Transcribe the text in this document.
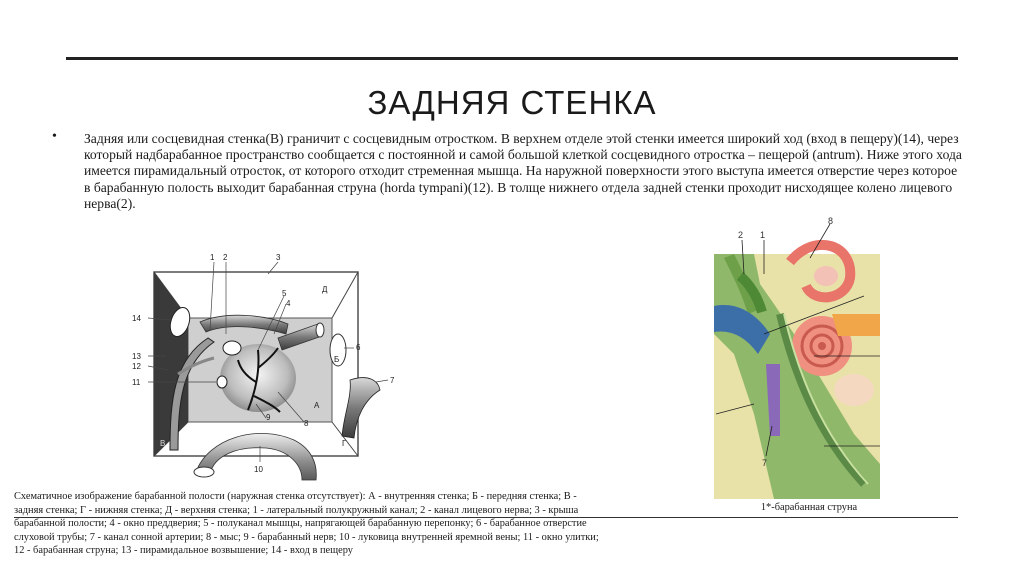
ЗАДНЯЯ СТЕНКА
• Задняя или сосцевидная стенка(В) граничит с сосцевидным отростком. В верхнем отделе этой стенки имеется широкий ход (вход в пещеру)(14), через который надбарабанное пространство сообщается с постоянной и самой большой клеткой сосцевидного отростка – пещерой (antrum). Ниже этого хода имеется пирамидальный отросток, от которого отходит стременная мышца. На наружной поверхности этого выступа имеется отверстие через которое в барабанную полость выходит барабанная струна (horda tympani)(12). В толще нижнего отдела задней стенки проходит нисходящее колено лицевого нерва(2).
1 2	3
4
5
6
7
8
9
10
11
12
13
14
А
Б
В	Г
Д
2 1
8
7
Схематичное изображение барабанной полости (наружная стенка отсутствует): А - внутренняя стенка; Б - передняя стенка; В - задняя стенка; Г - нижняя стенка; Д - верхняя стенка; 1 - латеральный полукружный канал; 2 - канал лицевого нерва; 3 - крыша барабанной полости; 4 - окно преддверия; 5 - полуканал мышцы, напрягающей барабанную перепонку; 6 - барабанное отверстие слуховой трубы; 7 - канал сонной артерии; 8 - мыс; 9 - барабанный нерв; 10 - луковица внутренней яремной вены; 11 - окно улитки; 12 - барабанная струна; 13 - пирамидальное возвышение; 14 - вход в пещеру
1*-барабанная струна
